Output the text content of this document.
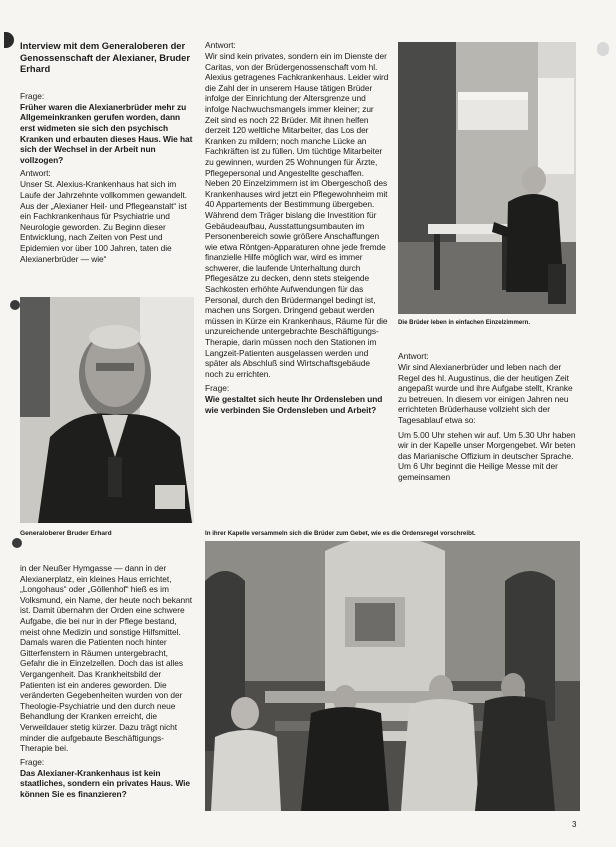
Interview mit dem Generaloberen der Genossenschaft der Alexianer, Bruder Erhard
Frage:
Früher waren die Alexianerbrüder mehr zu Allgemeinkranken gerufen worden, dann erst widmeten sie sich den psychisch Kranken und erbauten dieses Haus. Wie hat sich der Wechsel in der Arbeit nun vollzogen?
Antwort:
Unser St. Alexius-Krankenhaus hat sich im Laufe der Jahrzehnte vollkommen gewandelt. Aus der „Alexianer Heil- und Pflegeanstalt“ ist ein Fachkrankenhaus für Psychiatrie und Neurologie geworden. Zu Beginn dieser Entwicklung, nach Zeiten von Pest und Epidemien vor über 100 Jahren, taten die Alexianerbrüder — wie“
Generaloberer Bruder Erhard
Antwort:
Wir sind kein privates, sondern ein im Dienste der Caritas, von der Brüdergenossenschaft vom hl. Alexius getragenes Fachkrankenhaus. Leider wird die Zahl der in unserem Hause tätigen Brüder infolge der Einrichtung der Altersgrenze und infolge Nachwuchsmangels immer kleiner; zur Zeit sind es noch 22 Brüder. Mit ihnen helfen derzeit 120 weltliche Mitarbeiter, das Los der Kranken zu mildern; noch manche Lücke an Fachkräften ist zu füllen. Um tüchtige Mitarbeiter zu gewinnen, wurden 25 Wohnungen für Ärzte, Pflegepersonal und Angestellte geschaffen. Neben 20 Einzelzimmern ist im Obergeschoß des Krankenhauses wird jetzt ein Pflegewohnheim mit 40 Appartements der Bestimmung übergeben. Während dem Träger bislang die Investition für Gebäudeaufbau, Ausstattungsumbauten im Personenbereich sowie größere Anschaffungen wie etwa Röntgen-Apparaturen ohne jede fremde finanzielle Hilfe möglich war, wird es immer schwerer, die laufende Unterhaltung durch Pflegesätze zu decken, denn stets steigende Sachkosten erhöhte Aufwendungen für das Personal, durch den Brüdermangel bedingt ist, machen uns Sorgen. Dringend gebaut werden müssen in Kürze ein Krankenhaus, Räume für die unzureichende untergebrachte Beschäftigungs-Therapie, darin müssen noch den Stationen im Langzeit-Patienten ausgelassen werden und später als Abschluß sind Wirtschaftsgebäude noch zu errichten.
Frage:
Wie gestaltet sich heute Ihr Ordensleben und wie verbinden Sie Ordensleben und Arbeit?
Die Brüder leben in einfachen Einzelzimmern.
Antwort:
Wir sind Alexianerbrüder und leben nach der Regel des hl. Augustinus, die der heutigen Zeit angepaßt wurde und ihre Aufgabe stellt, Kranke zu betreuen. In diesem vor einigen Jahren neu errichteten Brüderhause vollzieht sich der Tagesablauf etwa so:
Um 5.00 Uhr stehen wir auf. Um 5.30 Uhr haben wir in der Kapelle unser Morgengebet. Wir beten das Marianische Offizium in deutscher Sprache. Um 6 Uhr beginnt die Heilige Messe mit der gemeinsamen
In ihrer Kapelle versammeln sich die Brüder zum Gebet, wie es die Ordensregel vorschreibt.
in der Neußer Hymgasse — dann in der Alexianerplatz, ein kleines Haus errichtet, „Longohaus“ oder „Göllenhof“ hieß es im Volksmund, ein Name, der heute noch bekannt ist. Damit übernahm der Orden eine schwere Aufgabe, die bei nur in der Pflege bestand, meist ohne Medizin und sonstige Hilfsmittel. Damals waren die Patienten noch hinter Gitterfenstern in Räumen untergebracht, Gefahr die in Einzelzellen. Doch das ist alles Vergangenheit. Das Krankheitsbild der Patienten ist ein anderes geworden. Die veränderten Gegebenheiten wurden von der Theologie-Psychiatrie und den durch neue Behandlung der Kranken erreicht, die Verweildauer stetig kürzer. Dazu trägt nicht minder die aufgebaute Beschäftigungs-Therapie bei.
Frage:
Das Alexianer-Krankenhaus ist kein staatliches, sondern ein privates Haus. Wie können Sie es finanzieren?
3
